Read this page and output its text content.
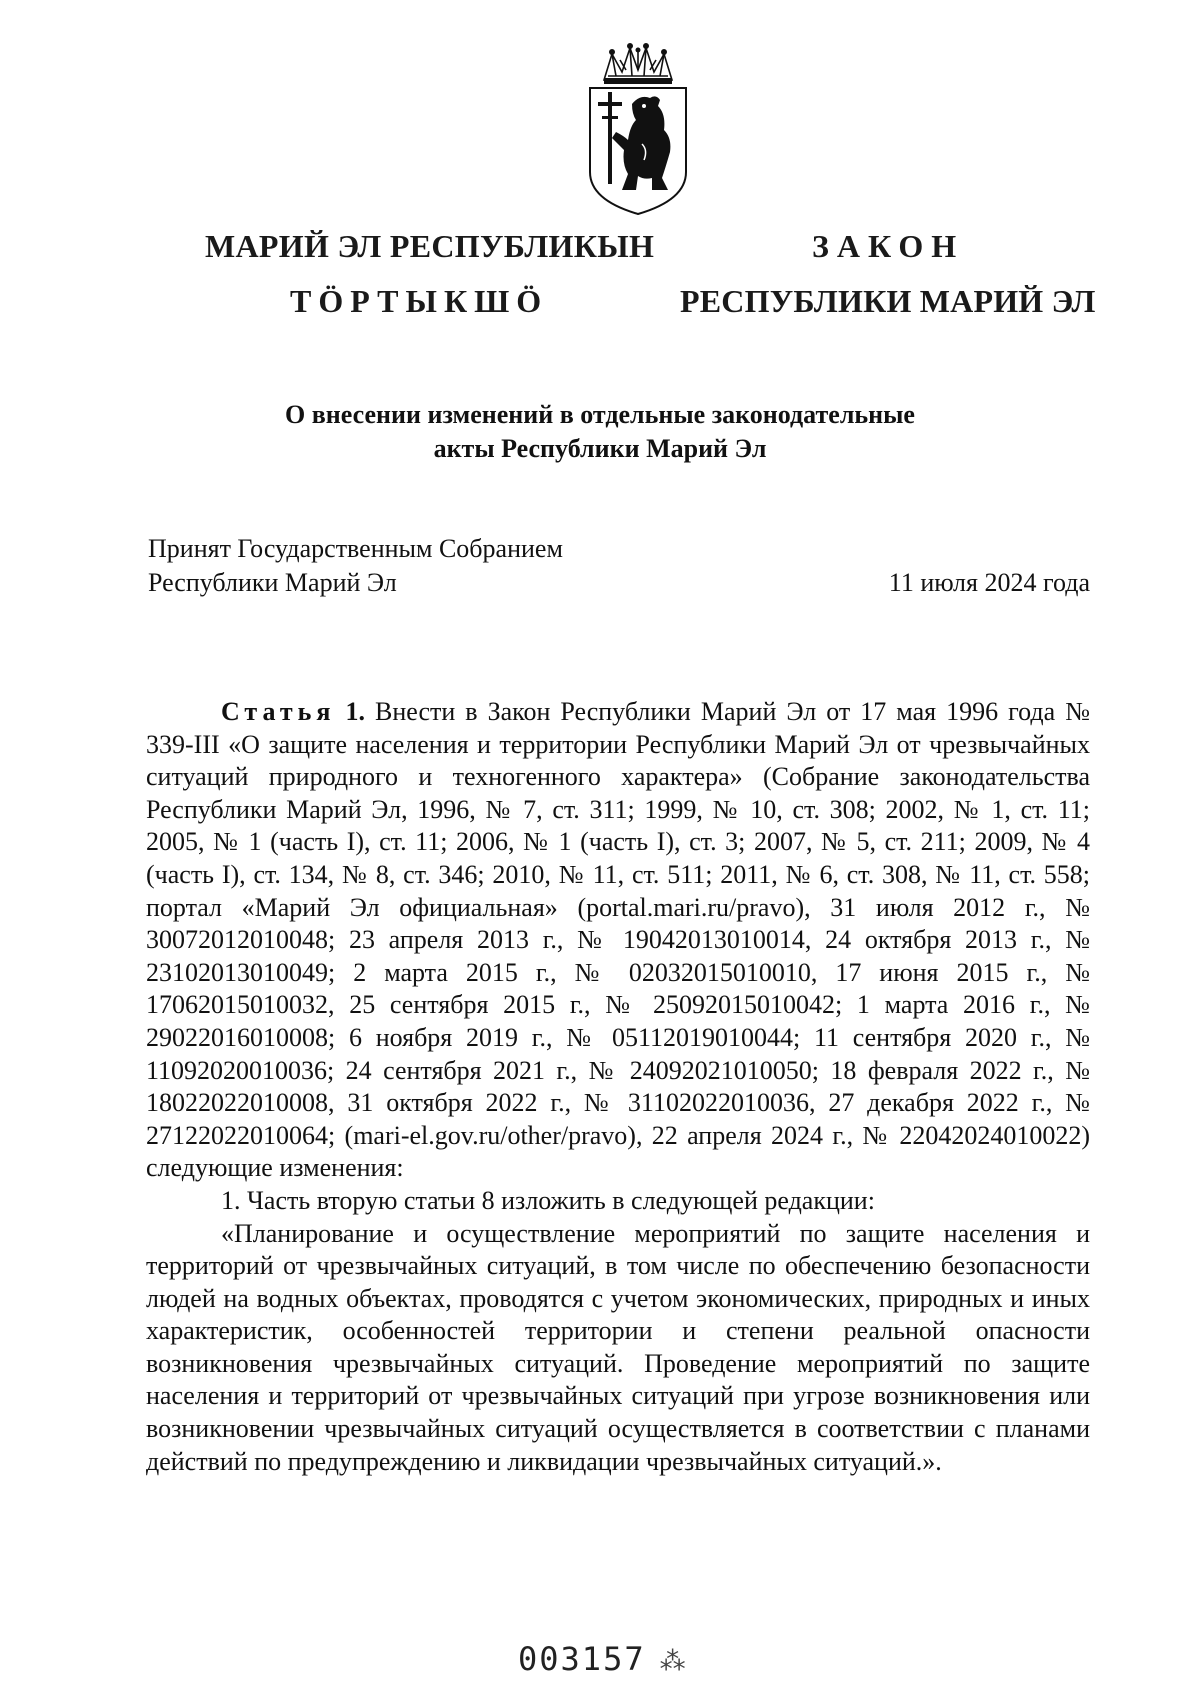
МАРИЙ ЭЛ РЕСПУБЛИКЫН	ЗАКОН
ТӦРТЫКШӦ	РЕСПУБЛИКИ МАРИЙ ЭЛ
О внесении изменений в отдельные законодательные
акты Республики Марий Эл
Принят Государственным Собранием
Республики Марий Эл	11 июля 2024 года

Статья 1. Внести в Закон Республики Марий Эл от 17 мая 1996 года № 339-III «О защите населения и территории Республики Марий Эл от чрезвычайных ситуаций природного и техногенного характера» (Собрание законодательства Республики Марий Эл, 1996, № 7, ст. 311; 1999, № 10, ст. 308; 2002, № 1, ст. 11; 2005, № 1 (часть I), ст. 11; 2006, № 1 (часть I), ст. 3; 2007, № 5, ст. 211; 2009, № 4 (часть I), ст. 134, № 8, ст. 346; 2010, № 11, ст. 511; 2011, № 6, ст. 308, № 11, ст. 558; портал «Марий Эл официальная» (portal.mari.ru/pravo), 31 июля 2012 г., № 30072012010048; 23 апреля 2013 г., № 19042013010014, 24 октября 2013 г., № 23102013010049; 2 марта 2015 г., № 02032015010010, 17 июня 2015 г., № 17062015010032, 25 сентября 2015 г., № 25092015010042; 1 марта 2016 г., № 29022016010008; 6 ноября 2019 г., № 05112019010044; 11 сентября 2020 г., № 11092020010036; 24 сентября 2021 г., № 24092021010050; 18 февраля 2022 г., № 18022022010008, 31 октября 2022 г., № 31102022010036, 27 декабря 2022 г., № 27122022010064; (mari-el.gov.ru/other/pravo), 22 апреля 2024 г., № 22042024010022) следующие изменения:

1. Часть вторую статьи 8 изложить в следующей редакции:

«Планирование и осуществление мероприятий по защите населения и территорий от чрезвычайных ситуаций, в том числе по обеспечению безопасности людей на водных объектах, проводятся с учетом экономических, природных и иных характеристик, особенностей территории и степени реальной опасности возникновения чрезвычайных ситуаций. Проведение мероприятий по защите населения и территорий от чрезвычайных ситуаций при угрозе возникновения или возникновении чрезвычайных ситуаций осуществляется в соответствии с планами действий по предупреждению и ликвидации чрезвычайных ситуаций.».

003157 ⁂
